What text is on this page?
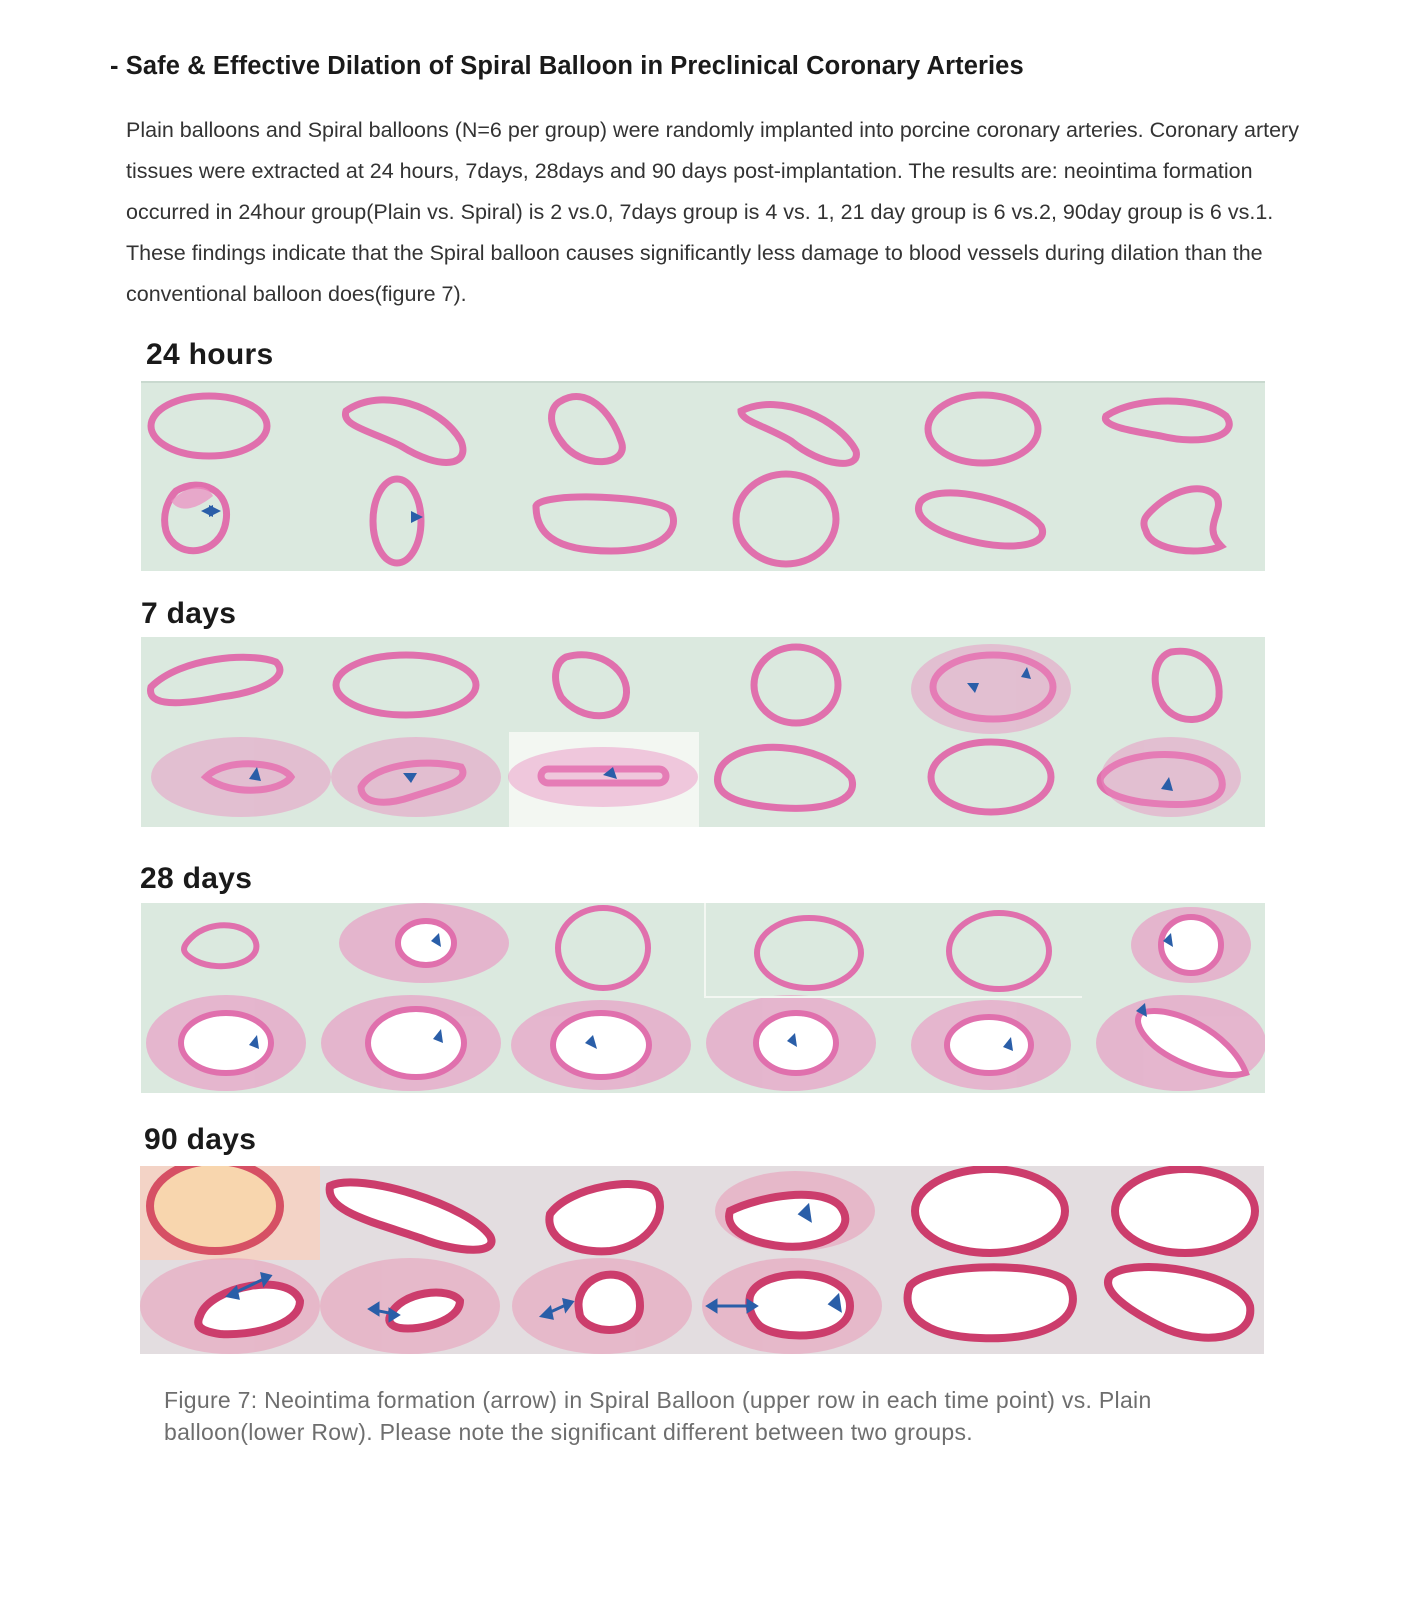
- Safe & Effective Dilation of Spiral Balloon in Preclinical Coronary Arteries

Plain balloons and Spiral balloons (N=6 per group) were randomly implanted into porcine coronary arteries. Coronary artery tissues were extracted at 24 hours, 7days, 28days and 90 days post-implantation. The results are: neointima formation occurred in 24hour group(Plain vs. Spiral) is 2 vs.0, 7days group is 4 vs. 1, 21 day group is 6 vs.2, 90day group is 6 vs.1. These findings indicate that the Spiral balloon causes significantly less damage to blood vessels during dilation than the conventional balloon does(figure 7).

24 hours
7 days
28 days
90 days

Figure 7: Neointima formation (arrow) in Spiral Balloon (upper row in each time point) vs. Plain balloon(lower Row). Please note the significant different between two groups.
